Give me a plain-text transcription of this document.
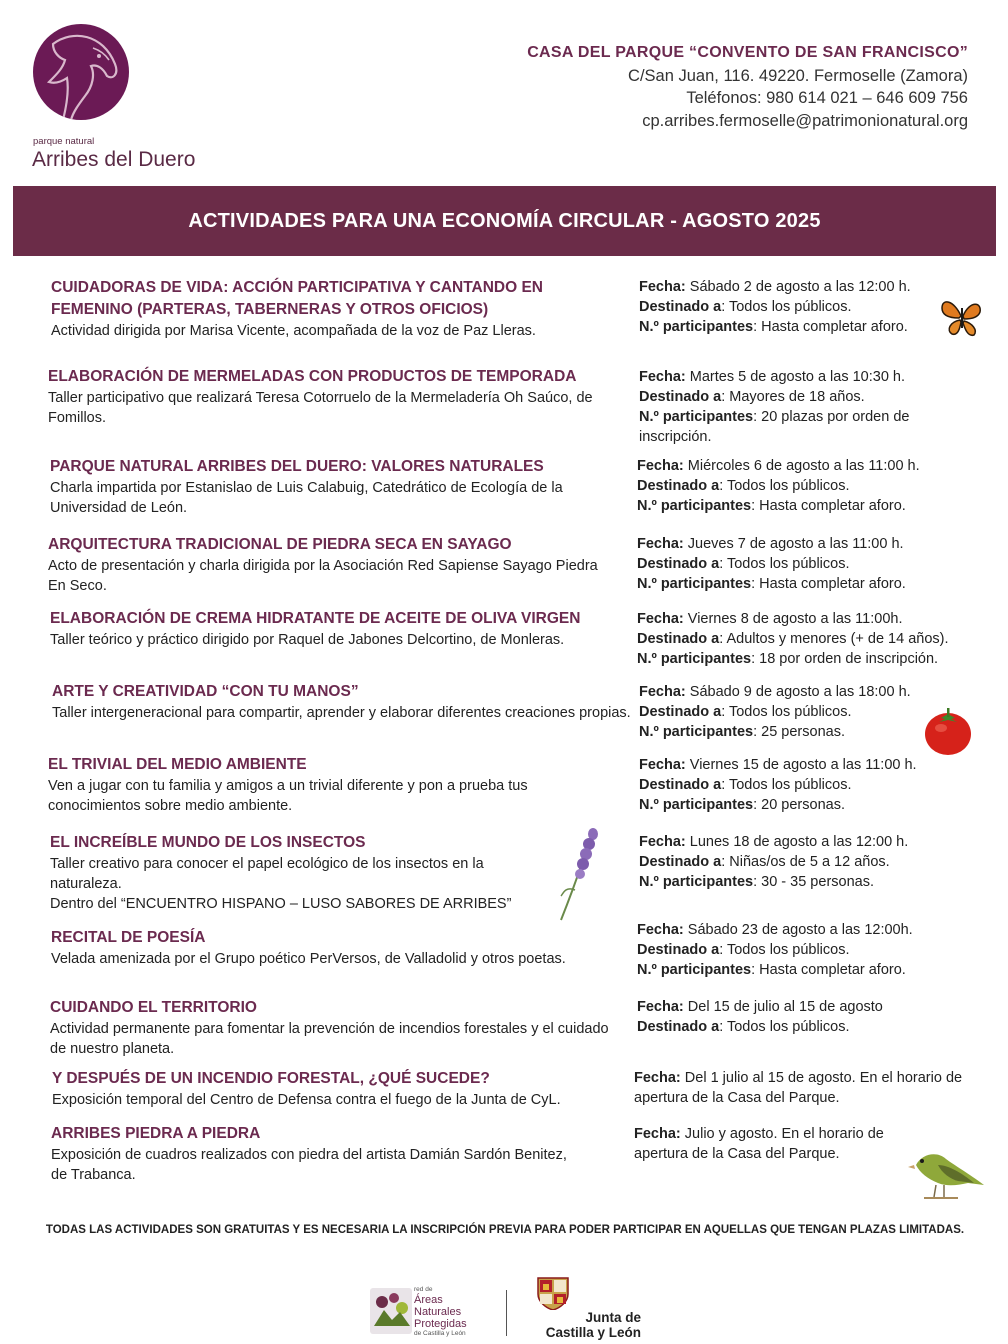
parque natural
Arribes del Duero
CASA DEL PARQUE “CONVENTO DE SAN FRANCISCO”
C/San Juan, 116. 49220. Fermoselle (Zamora)
Teléfonos: 980 614 021 – 646 609 756
cp.arribes.fermoselle@patrimonionatural.org
ACTIVIDADES PARA UNA ECONOMÍA CIRCULAR - AGOSTO 2025
CUIDADORAS DE VIDA: ACCIÓN PARTICIPATIVA Y CANTANDO EN FEMENINO (PARTERAS, TABERNERAS Y OTROS OFICIOS)
Actividad dirigida por Marisa Vicente, acompañada de la voz de Paz Lleras.
Fecha: Sábado 2 de agosto a las 12:00 h.
Destinado a: Todos los públicos.
N.º participantes: Hasta completar aforo.
ELABORACIÓN DE MERMELADAS CON PRODUCTOS DE TEMPORADA
Taller participativo que realizará Teresa Cotorruelo de la Mermeladería Oh Saúco, de Fomillos.
Fecha: Martes 5 de agosto a las 10:30 h.
Destinado a: Mayores de 18 años.
N.º participantes: 20 plazas por orden de inscripción.
PARQUE NATURAL ARRIBES DEL DUERO: VALORES NATURALES
Charla impartida por Estanislao de Luis Calabuig, Catedrático de Ecología de la Universidad de León.
Fecha: Miércoles 6 de agosto a las 11:00 h.
Destinado a: Todos los públicos.
N.º participantes: Hasta completar aforo.
ARQUITECTURA TRADICIONAL DE PIEDRA SECA EN SAYAGO
Acto de presentación y charla dirigida por la Asociación Red Sapiense Sayago Piedra En Seco.
Fecha: Jueves 7 de agosto a las 11:00 h.
Destinado a: Todos los públicos.
N.º participantes: Hasta completar aforo.
ELABORACIÓN DE CREMA HIDRATANTE DE ACEITE DE OLIVA VIRGEN
Taller teórico y práctico dirigido por Raquel de Jabones Delcortino, de Monleras.
Fecha: Viernes 8 de agosto a las 11:00h.
Destinado a: Adultos y menores (+ de 14 años).
N.º participantes: 18 por orden de inscripción.
ARTE Y CREATIVIDAD “CON TU MANOS”
Taller intergeneracional para compartir, aprender y elaborar diferentes creaciones propias.
Fecha: Sábado 9 de agosto a las 18:00 h.
Destinado a: Todos los públicos.
N.º participantes: 25 personas.
EL TRIVIAL DEL MEDIO AMBIENTE
Ven a jugar con tu familia y amigos a un trivial diferente y pon a prueba tus conocimientos sobre medio ambiente.
Fecha: Viernes 15 de agosto a las 11:00 h.
Destinado a: Todos los públicos.
N.º participantes: 20 personas.
EL INCREÍBLE MUNDO DE LOS INSECTOS
Taller creativo para conocer el papel ecológico de los insectos en la naturaleza.
Dentro del “ENCUENTRO HISPANO – LUSO SABORES DE ARRIBES”
Fecha: Lunes 18 de agosto a las 12:00 h.
Destinado a: Niñas/os de 5 a 12 años.
N.º participantes: 30 - 35 personas.
RECITAL DE POESÍA
Velada amenizada por el Grupo poético PerVersos, de Valladolid y otros poetas.
Fecha: Sábado 23 de agosto a las 12:00h.
Destinado a: Todos los públicos.
N.º participantes: Hasta completar aforo.
CUIDANDO EL TERRITORIO
Actividad permanente para fomentar la prevención de incendios forestales y el cuidado de nuestro planeta.
Fecha: Del 15 de julio al 15 de agosto
Destinado a: Todos los públicos.
Y DESPUÉS DE UN INCENDIO FORESTAL, ¿QUÉ SUCEDE?
Exposición temporal del Centro de Defensa contra el fuego de la Junta de CyL.
Fecha: Del 1 julio al 15 de agosto. En el horario de apertura de la Casa del Parque.
ARRIBES PIEDRA A PIEDRA
Exposición de cuadros realizados con piedra del artista Damián Sardón Benitez, de Trabanca.
Fecha: Julio y agosto. En el horario de apertura de la Casa del Parque.
TODAS LAS ACTIVIDADES SON GRATUITAS Y ES NECESARIA LA INSCRIPCIÓN PREVIA PARA PODER PARTICIPAR EN AQUELLAS QUE TENGAN PLAZAS LIMITADAS.
red de
Áreas
Naturales
Protegidas
de Castilla y León
Junta de
Castilla y León
